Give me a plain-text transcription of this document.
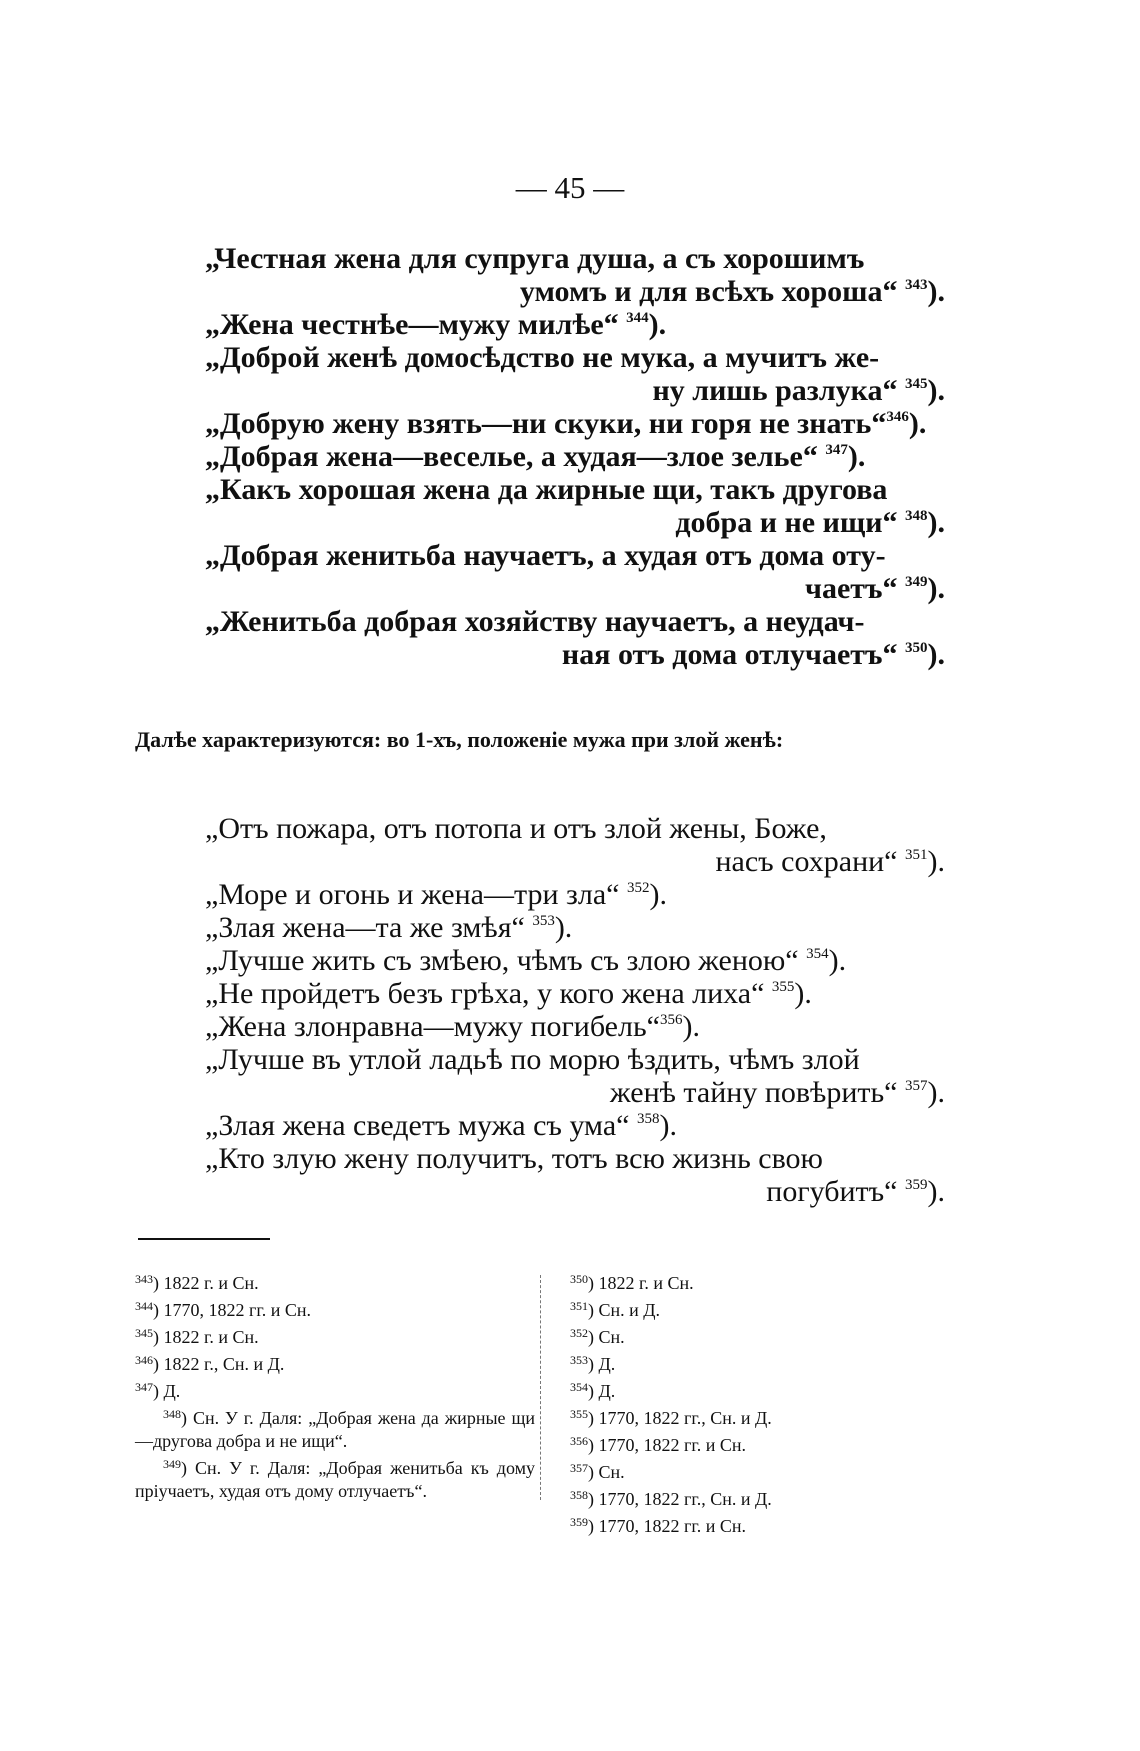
— 45 —
„Честная жена для супруга душа, а съ хорошимъ
умомъ и для всѣхъ хороша“ $^{343}$).
„Жена честнѣе—мужу милѣе“ $^{344}$).
„Доброй женѣ домосѣдство не мука, а мучитъ же-
ну лишь разлука“ $^{345}$).
„Добрую жену взять—ни скуки, ни горя не знать“$^{346}$).
„Добрая жена—веселье, а худая—злое зелье“ $^{347}$).
„Какъ хорошая жена да жирные щи, такъ другова
добра и не ищи“ $^{348}$).
„Добрая женитьба научаетъ, а худая отъ дома оту-
чаетъ“ $^{349}$).
„Женитьба добрая хозяйству научаетъ, а неудач-
ная отъ дома отлучаетъ“ $^{350}$).
Далѣе характеризуются: во 1-хъ, положеніе мужа при злой женѣ:
„Отъ пожара, отъ потопа и отъ злой жены, Боже,
насъ сохрани“ $^{351}$).
„Море и огонь и жена—три зла“ $^{352}$).
„Злая жена—та же змѣя“ $^{353}$).
„Лучше жить съ змѣею, чѣмъ съ злою женою“ $^{354}$).
„Не пройдетъ безъ грѣха, у кого жена лиха“ $^{355}$).
„Жена злонравна—мужу погибель“$^{356}$).
„Лучше въ утлой ладьѣ по морю ѣздить, чѣмъ злой
женѣ тайну повѣрить“ $^{357}$).
„Злая жена сведетъ мужа съ ума“ $^{358}$).
„Кто злую жену получитъ, тотъ всю жизнь свою
погубитъ“ $^{359}$).

$^{343}$) 1822 г. и Сн.

$^{344}$) 1770, 1822 гг. и Сн.

$^{345}$) 1822 г. и Сн.

$^{346}$) 1822 г., Сн. и Д.

$^{347}$) Д.

$^{348}$) Сн. У г. Даля: „Добрая жена да жирные щи—другова добра и не ищи“.

$^{349}$) Сн. У г. Даля: „Добрая женитьба къ дому пріучаетъ, худая отъ дому отлучаетъ“.

$^{350}$) 1822 г. и Сн.

$^{351}$) Сн. и Д.

$^{352}$) Сн.

$^{353}$) Д.

$^{354}$) Д.

$^{355}$) 1770, 1822 гг., Сн. и Д.

$^{356}$) 1770, 1822 гг. и Сн.

$^{357}$) Сн.

$^{358}$) 1770, 1822 гг., Сн. и Д.

$^{359}$) 1770, 1822 гг. и Сн.
